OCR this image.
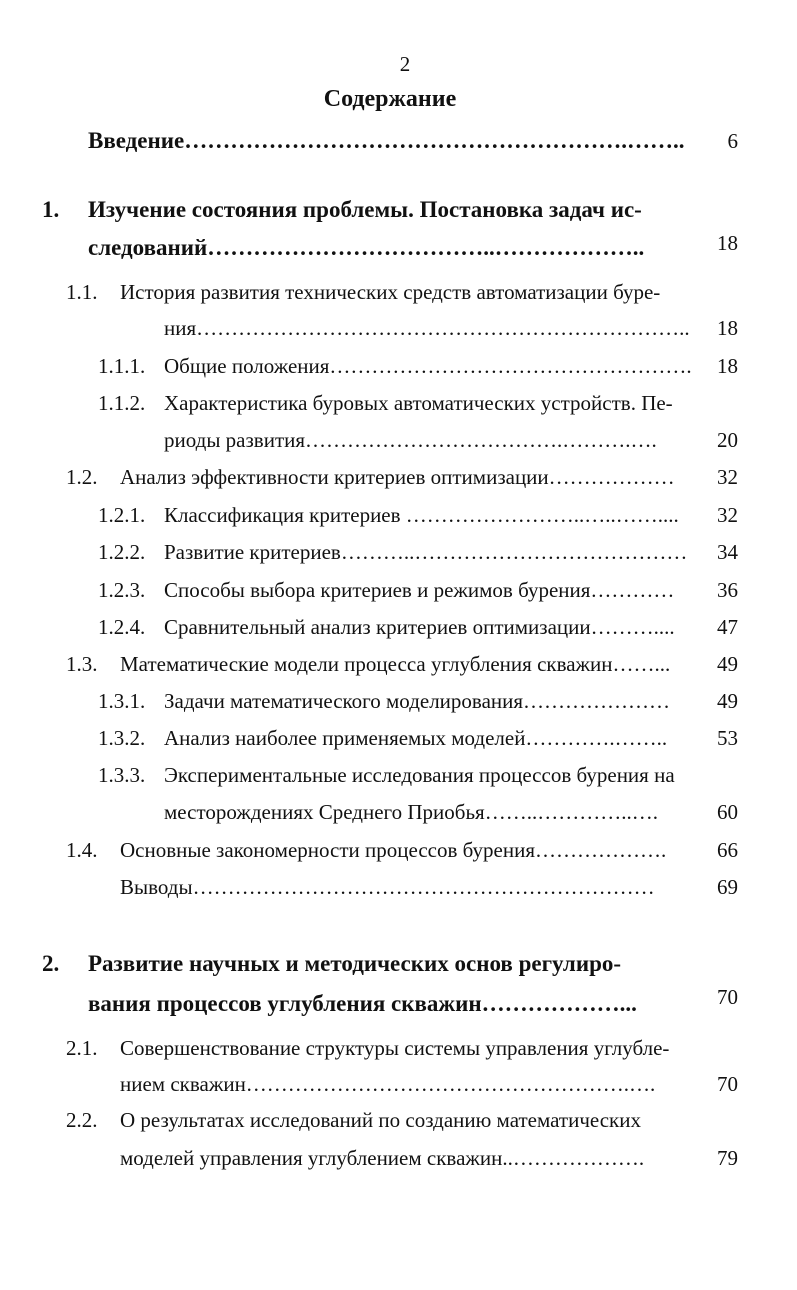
2
Содержание
Введение………………………………………………….……..	6
1. Изучение состояния проблемы. Постановка задач ис-
следований………………………………..………………..	18
1.1. История развития технических средств автоматизации буре-
ния……………………………………………………………..	18
1.1.1. Общие положения…………………………………………….	18
1.1.2. Характеристика буровых автоматических устройств. Пе-
риоды развития……………………………….……….….	20
1.2. Анализ эффективности критериев оптимизации………………	32
1.2.1. Классификация критериев ……………………..…..……....	32
1.2.2. Развитие критериев………..…………………………………	34
1.2.3. Способы выбора критериев и режимов бурения…………	36
1.2.4. Сравнительный анализ критериев оптимизации………....	47
1.3. Математические модели процесса углубления скважин……...	49
1.3.1. Задачи математического моделирования…………………	49
1.3.2. Анализ наиболее применяемых моделей………….……..	53
1.3.3. Экспериментальные исследования процессов бурения на
месторождениях Среднего Приобья……..…………..….	60
1.4. Основные закономерности процессов бурения……………….	66
Выводы…………………………………………………………	69
2. Развитие научных и методических основ регулиро-
вания процессов углубления скважин………………...	70
2.1. Совершенствование структуры системы управления углубле-
нием скважин……………………………………………….….	70
2.2. О результатах исследований по созданию математических
моделей управления углублением скважин..……………….	79
